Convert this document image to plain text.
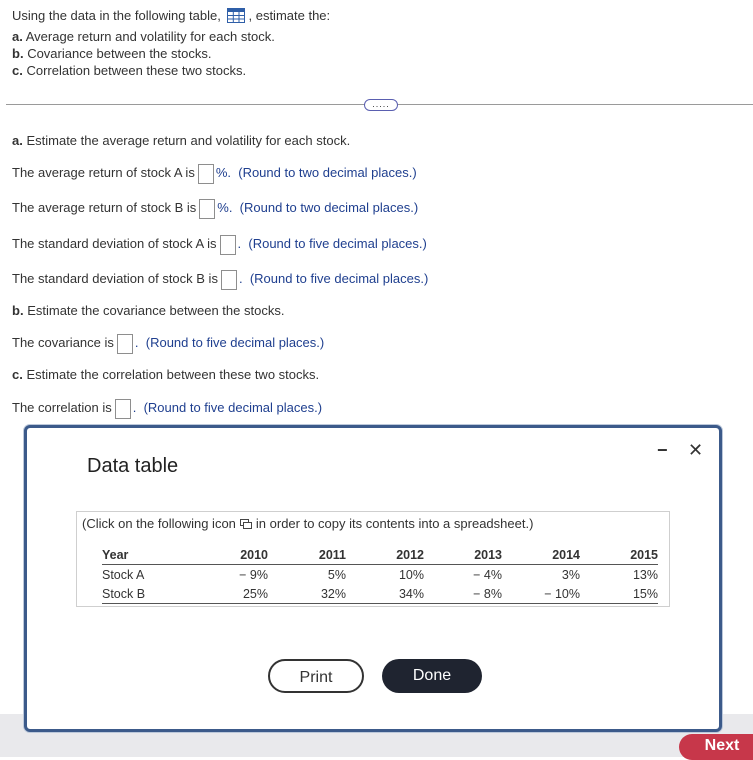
Using the data in the following table, , estimate the:
a. Average return and volatility for each stock.
b. Covariance between the stocks.
c. Correlation between these two stocks.
.....
a. Estimate the average return and volatility for each stock.
The average return of stock A is %. (Round to two decimal places.)
The average return of stock B is %. (Round to two decimal places.)
The standard deviation of stock A is . (Round to five decimal places.)
The standard deviation of stock B is . (Round to five decimal places.)
b. Estimate the covariance between the stocks.
The covariance is . (Round to five decimal places.)
c. Estimate the correlation between these two stocks.
The correlation is . (Round to five decimal places.)
Next
Data table
− ✕
(Click on the following icon in order to copy its contents into a spreadsheet.)
Year	2010	2011	2012	2013	2014	2015
Stock A	− 9%	5%	10%	− 4%	3%	13%
Stock B	25%	32%	34%	− 8%	− 10%	15%
Print	Done
